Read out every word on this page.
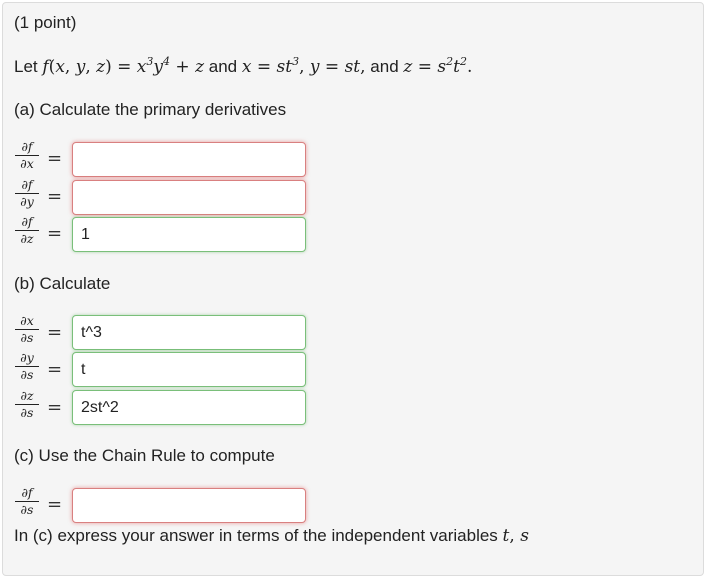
(1 point)
Let f(x, y, $z) = x^3y^4 + z$ and $x = st^3$, y = st, and $z = s^2t^2$.
(a) Calculate the primary derivatives
$\frac{\partial f}{\partial x}$ =
$\frac{\partial f}{\partial y}$ =
$\frac{\partial f}{\partial z}$ =	1
(b) Calculate
$\frac{\partial x}{\partial s}$ =	t^3
$\frac{\partial y}{\partial s}$ =	t
$\frac{\partial z}{\partial s}$ =	2st^2
(c) Use the Chain Rule to compute
$\frac{\partial f}{\partial s}$ =
In (c) express your answer in terms of the independent variables t, s
